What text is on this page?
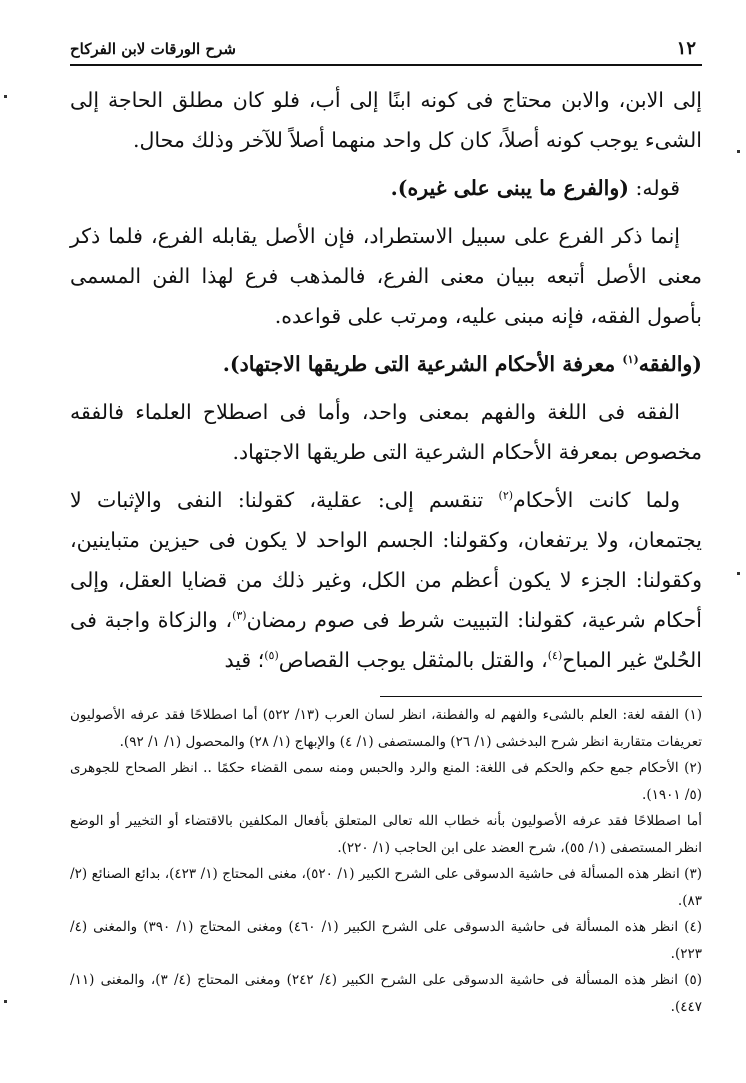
١٢
شرح الورقات لابن الفركاح

إلى الابن، والابن محتاج فى كونه ابنًا إلى أب، فلو كان مطلق الحاجة إلى الشىء يوجب كونه أصلاً، كان كل واحد منهما أصلاً للآخر وذلك محال.

قوله: (والفرع ما يبنى على غيره).

إنما ذكر الفرع على سبيل الاستطراد، فإن الأصل يقابله الفرع، فلما ذكر معنى الأصل أتبعه ببيان معنى الفرع، فالمذهب فرع لهذا الفن المسمى بأصول الفقه، فإنه مبنى عليه، ومرتب على قواعده.

(والفقه$^{(١)}$ معرفة الأحكام الشرعية التى طريقها الاجتهاد).

الفقه فى اللغة والفهم بمعنى واحد، وأما فى اصطلاح العلماء فالفقه مخصوص بمعرفة الأحكام الشرعية التى طريقها الاجتهاد.

ولما كانت الأحكام$^{(٢)}$ تنقسم إلى: عقلية، كقولنا: النفى والإثبات لا يجتمعان، ولا يرتفعان، وكقولنا: الجسم الواحد لا يكون فى حيزين متباينين، وكقولنا: الجزء لا يكون أعظم من الكل، وغير ذلك من قضايا العقل، وإلى أحكام شرعية، كقولنا: التبييت شرط فى صوم رمضان$^{(٣)}$، والزكاة واجبة فى الحُلىّ غير المباح$^{(٤)}$، والقتل بالمثقل يوجب القصاص$^{(٥)}$؛ قيد

(١) الفقه لغة: العلم بالشىء والفهم له والفطنة، انظر لسان العرب (١٣/ ٥٢٢) أما اصطلاحًا فقد عرفه الأصوليون تعريفات متقاربة انظر شرح البدخشى (١/ ٢٦) والمستصفى (١/ ٤) والإبهاج (١/ ٢٨) والمحصول (١/ ١/ ٩٢).

(٢) الأحكام جمع حكم والحكم فى اللغة: المنع والرد والحبس ومنه سمى القضاء حكمًا .. انظر الصحاح للجوهرى (٥/ ١٩٠١).

أما اصطلاحًا فقد عرفه الأصوليون بأنه خطاب الله تعالى المتعلق بأفعال المكلفين بالاقتضاء أو التخيير أو الوضع انظر المستصفى (١/ ٥٥)، شرح العضد على ابن الحاجب (١/ ٢٢٠).

(٣) انظر هذه المسألة فى حاشية الدسوقى على الشرح الكبير (١/ ٥٢٠)، مغنى المحتاج (١/ ٤٢٣)، بدائع الصنائع (٢/ ٨٣).

(٤) انظر هذه المسألة فى حاشية الدسوقى على الشرح الكبير (١/ ٤٦٠) ومغنى المحتاج (١/ ٣٩٠) والمغنى (٤/ ٢٢٣).

(٥) انظر هذه المسألة فى حاشية الدسوقى على الشرح الكبير (٤/ ٢٤٢) ومغنى المحتاج (٤/ ٣)، والمغنى (١١/ ٤٤٧).
